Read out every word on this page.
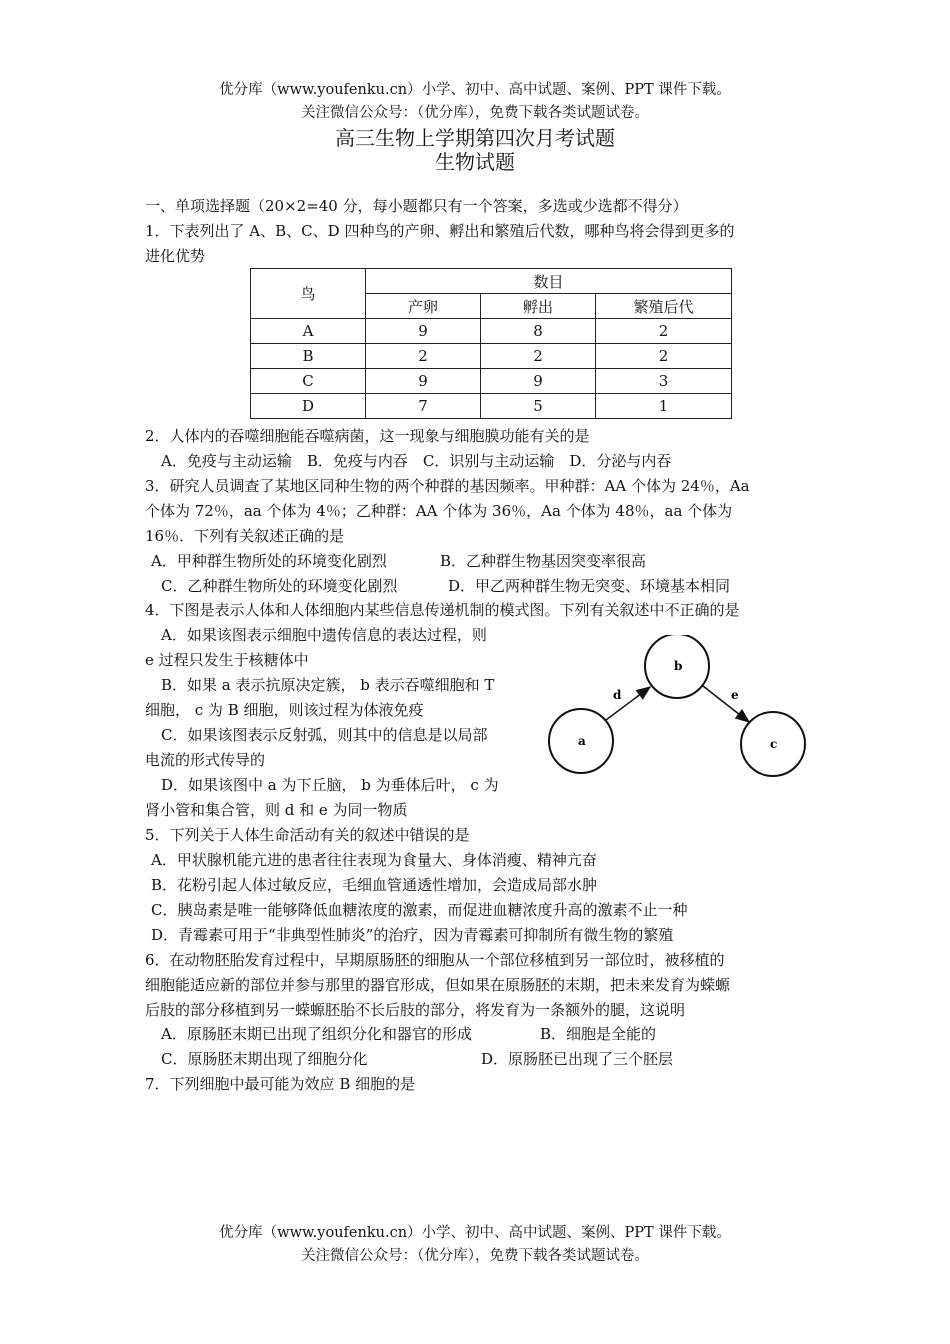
优分库（www.youfenku.cn）小学、初中、高中试题、案例、PPT 课件下载。
关注微信公众号：（优分库），免费下载各类试题试卷。
高三生物上学期第四次月考试题
生物试题
一、单项选择题（20×2=40 分，每小题都只有一个答案，多选或少选都不得分）
1．下表列出了 A、B、C、D 四种鸟的产卵、孵出和繁殖后代数，哪种鸟将会得到更多的
进化优势
鸟	数目		
	产卵	孵出	繁殖后代
A	9	8	2
B	2	2	2
C	9	9	3
D	7	5	1
2．人体内的吞噬细胞能吞噬病菌，这一现象与细胞膜功能有关的是
A．免疫与主动运输　B．免疫与内吞　C．识别与主动运输　D．分泌与内吞
3．研究人员调查了某地区同种生物的两个种群的基因频率。甲种群：AA 个体为 24％，Aa
个体为 72％，aa 个体为 4％；乙种群：AA 个体为 36％，Aa 个体为 48％，aa 个体为
16％．下列有关叙述正确的是
A．甲种群生物所处的环境变化剧烈	B．乙种群生物基因突变率很高
C．乙种群生物所处的环境变化剧烈	D．甲乙两种群生物无突变、环境基本相同
4．下图是表示人体和人体细胞内某些信息传递机制的模式图。下列有关叙述中不正确的是
A．如果该图表示细胞中遗传信息的表达过程，则
e 过程只发生于核糖体中
B．如果 a 表示抗原决定簇， b 表示吞噬细胞和 T
细胞， c 为 B 细胞，则该过程为体液免疫
C．如果该图表示反射弧，则其中的信息是以局部
电流的形式传导的
D．如果该图中 a 为下丘脑， b 为垂体后叶， c 为
肾小管和集合管，则 d 和 e 为同一物质
a
b
c
d	e
5．下列关于人体生命活动有关的叙述中错误的是
A．甲状腺机能亢进的患者往往表现为食量大、身体消瘦、精神亢奋
B．花粉引起人体过敏反应，毛细血管通透性增加，会造成局部水肿
C．胰岛素是唯一能够降低血糖浓度的激素，而促进血糖浓度升高的激素不止一种
D．青霉素可用于“非典型性肺炎”的治疗，因为青霉素可抑制所有微生物的繁殖
6．在动物胚胎发育过程中，早期原肠胚的细胞从一个部位移植到另一部位时，被移植的
细胞能适应新的部位并参与那里的器官形成，但如果在原肠胚的末期，把未来发育为蝾螈
后肢的部分移植到另一蝾螈胚胎不长后肢的部分，将发育为一条额外的腿，这说明
A．原肠胚末期已出现了组织分化和器官的形成	B．细胞是全能的
C．原肠胚末期出现了细胞分化	D．原肠胚已出现了三个胚层
7．下列细胞中最可能为效应 B 细胞的是
优分库（www.youfenku.cn）小学、初中、高中试题、案例、PPT 课件下载。
关注微信公众号：（优分库），免费下载各类试题试卷。
